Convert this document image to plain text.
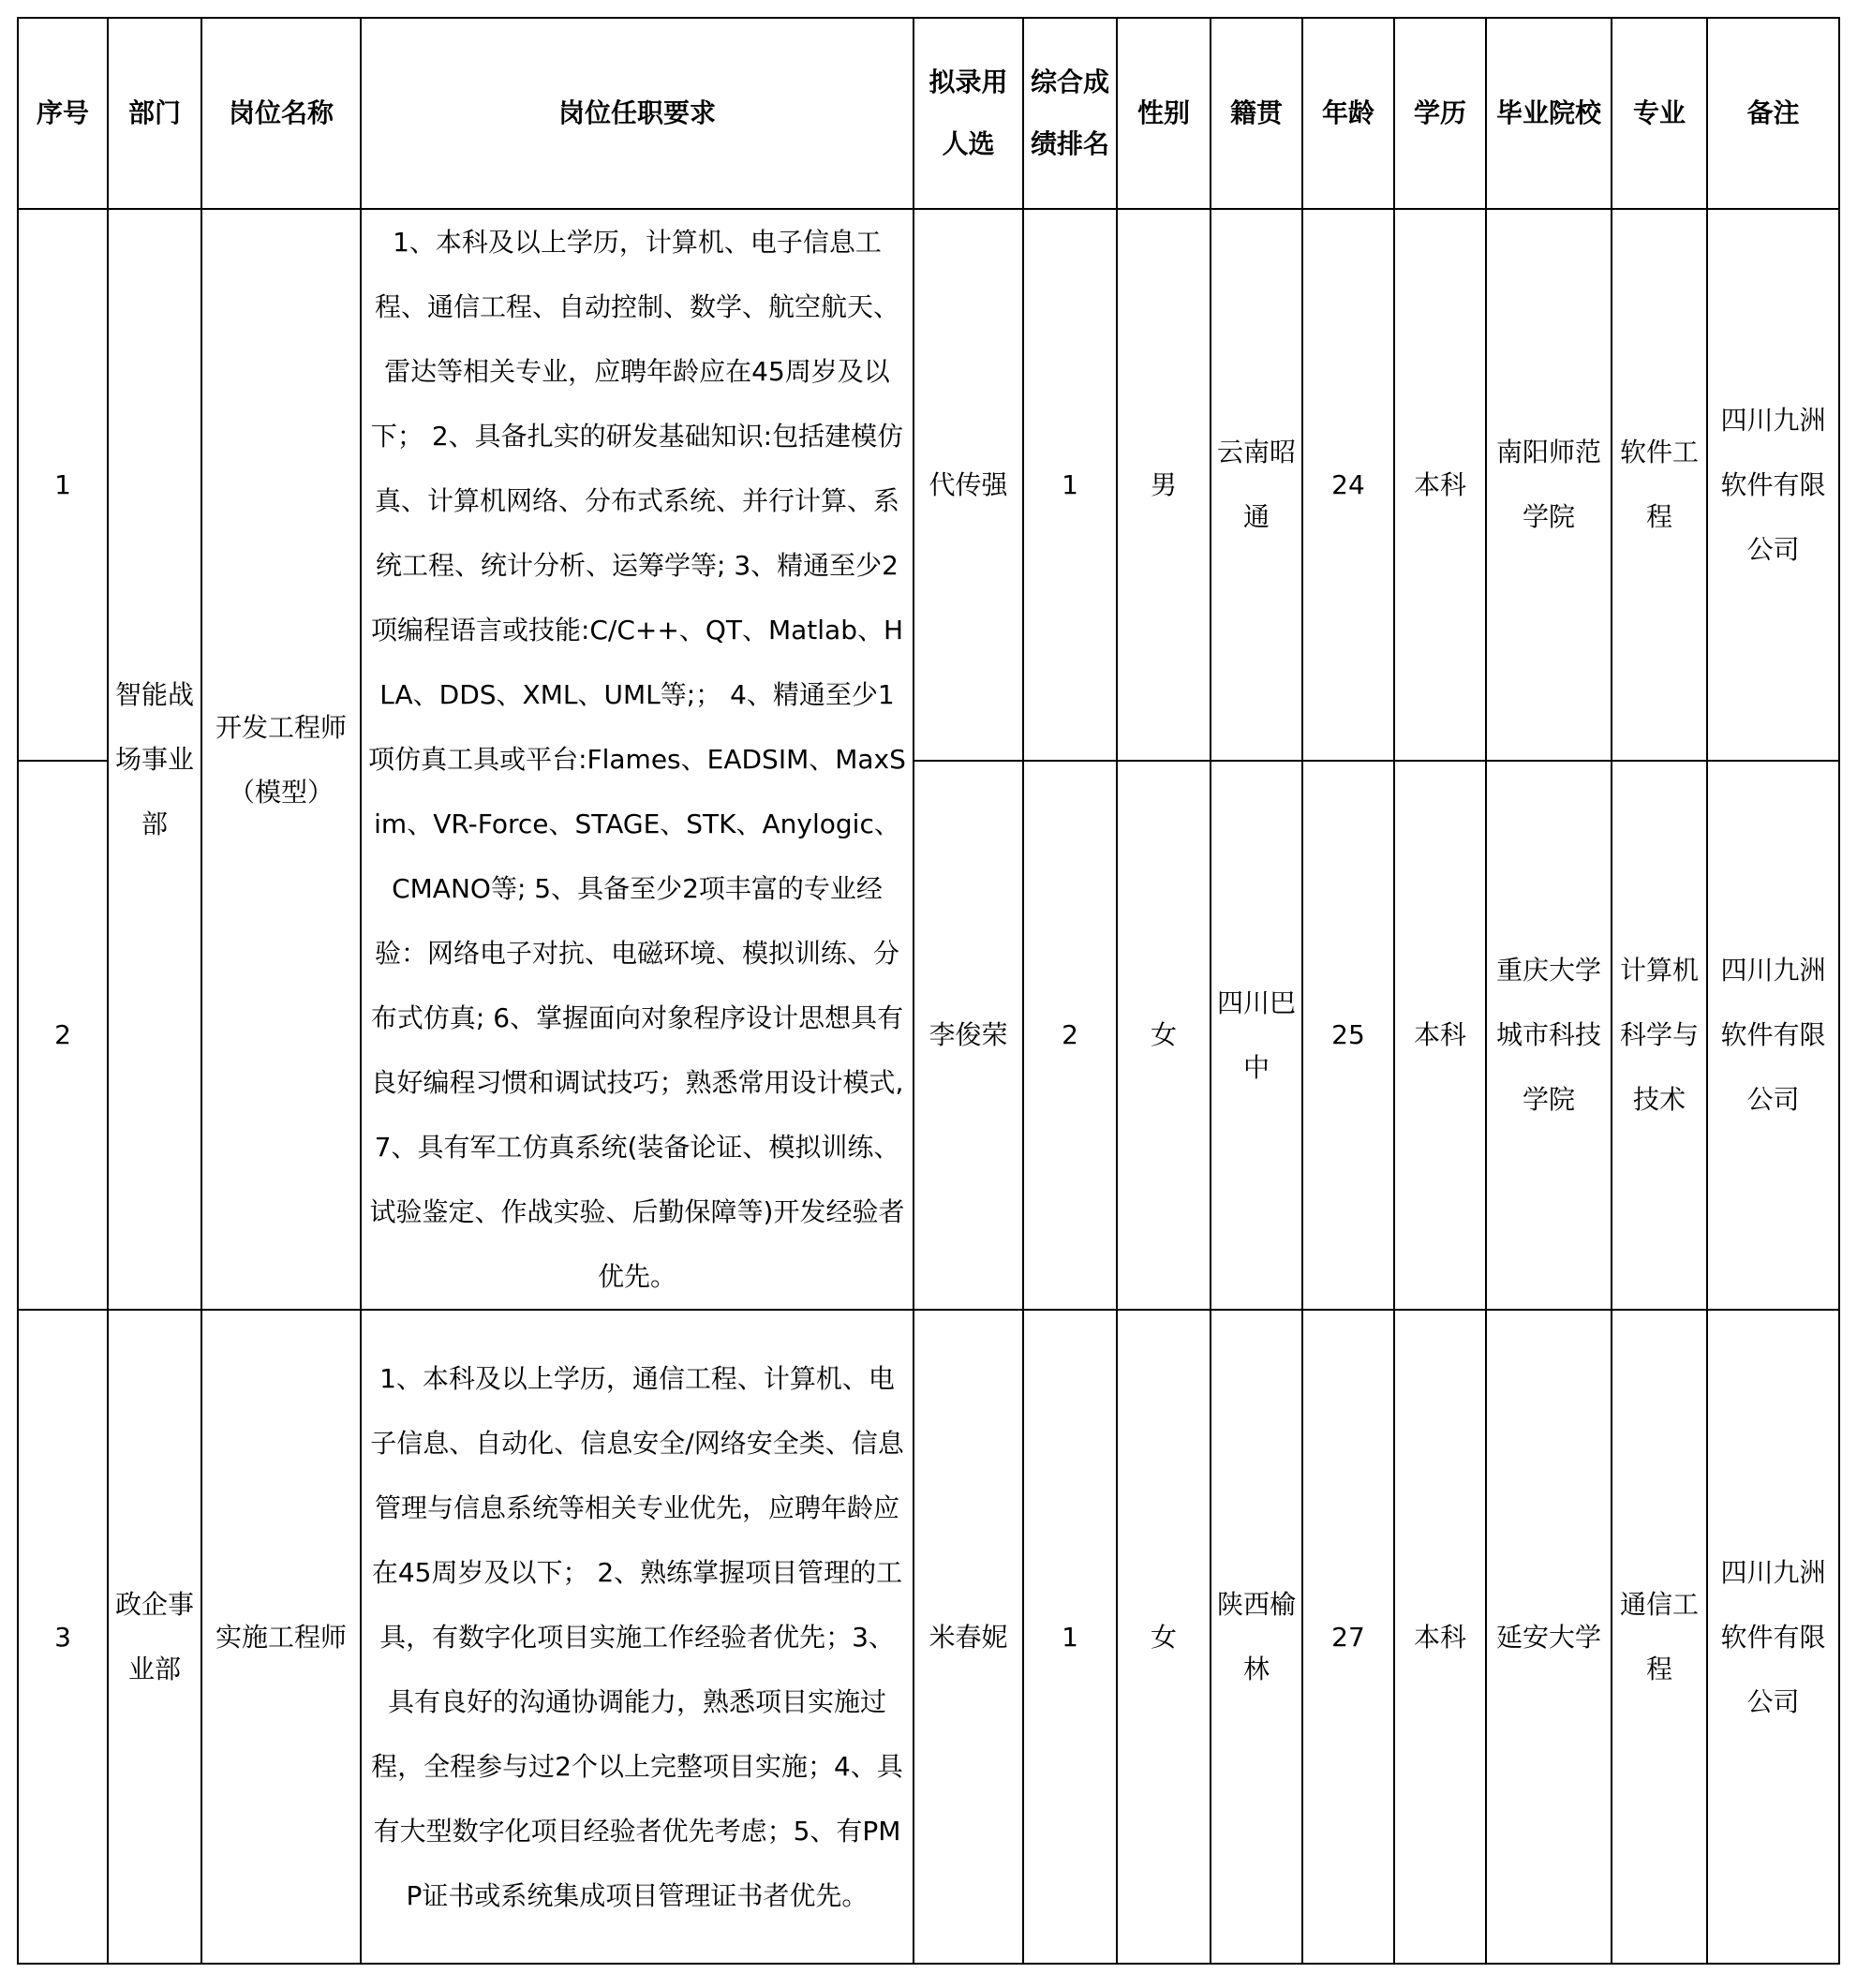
序号	部门	岗位名称	岗位任职要求	拟录用人选	综合成绩排名	性别	籍贯	年龄	学历	毕业院校	专业	备注
1	智能战场事业部	开发工程师（模型）	1、本科及以上学历，计算机、电子信息工程、通信工程、自动控制、数学、航空航天、雷达等相关专业，应聘年龄应在45周岁及以下； 2、具备扎实的研发基础知识:包括建模仿真、计算机网络、分布式系统、并行计算、系统工程、统计分析、运筹学等; 3、精通至少2项编程语言或技能:C/C++、QT、Matlab、HLA、DDS、XML、UML等;； 4、精通至少1项仿真工具或平台:Flames、EADSIM、MaxSim、VR-Force、STAGE、STK、Anylogic、CMANO等; 5、具备至少2项丰富的专业经验：网络电子对抗、电磁环境、模拟训练、分布式仿真; 6、掌握面向对象程序设计思想具有良好编程习惯和调试技巧；熟悉常用设计模式, 7、具有军工仿真系统(装备论证、模拟训练、试验鉴定、作战实验、后勤保障等)开发经验者优先。	代传强	1	男	云南昭通	24	本科	南阳师范学院	软件工程	四川九洲软件有限公司
2				李俊荣	2	女	四川巴中	25	本科	重庆大学城市科技学院	计算机科学与技术	四川九洲软件有限公司
3	政企事业部	实施工程师	1、本科及以上学历，通信工程、计算机、电子信息、自动化、信息安全/网络安全类、信息管理与信息系统等相关专业优先，应聘年龄应在45周岁及以下； 2、熟练掌握项目管理的工具，有数字化项目实施工作经验者优先；3、具有良好的沟通协调能力，熟悉项目实施过程，全程参与过2个以上完整项目实施；4、具有大型数字化项目经验者优先考虑；5、有PMP证书或系统集成项目管理证书者优先。	米春妮	1	女	陕西榆林	27	本科	延安大学	通信工程	四川九洲软件有限公司
